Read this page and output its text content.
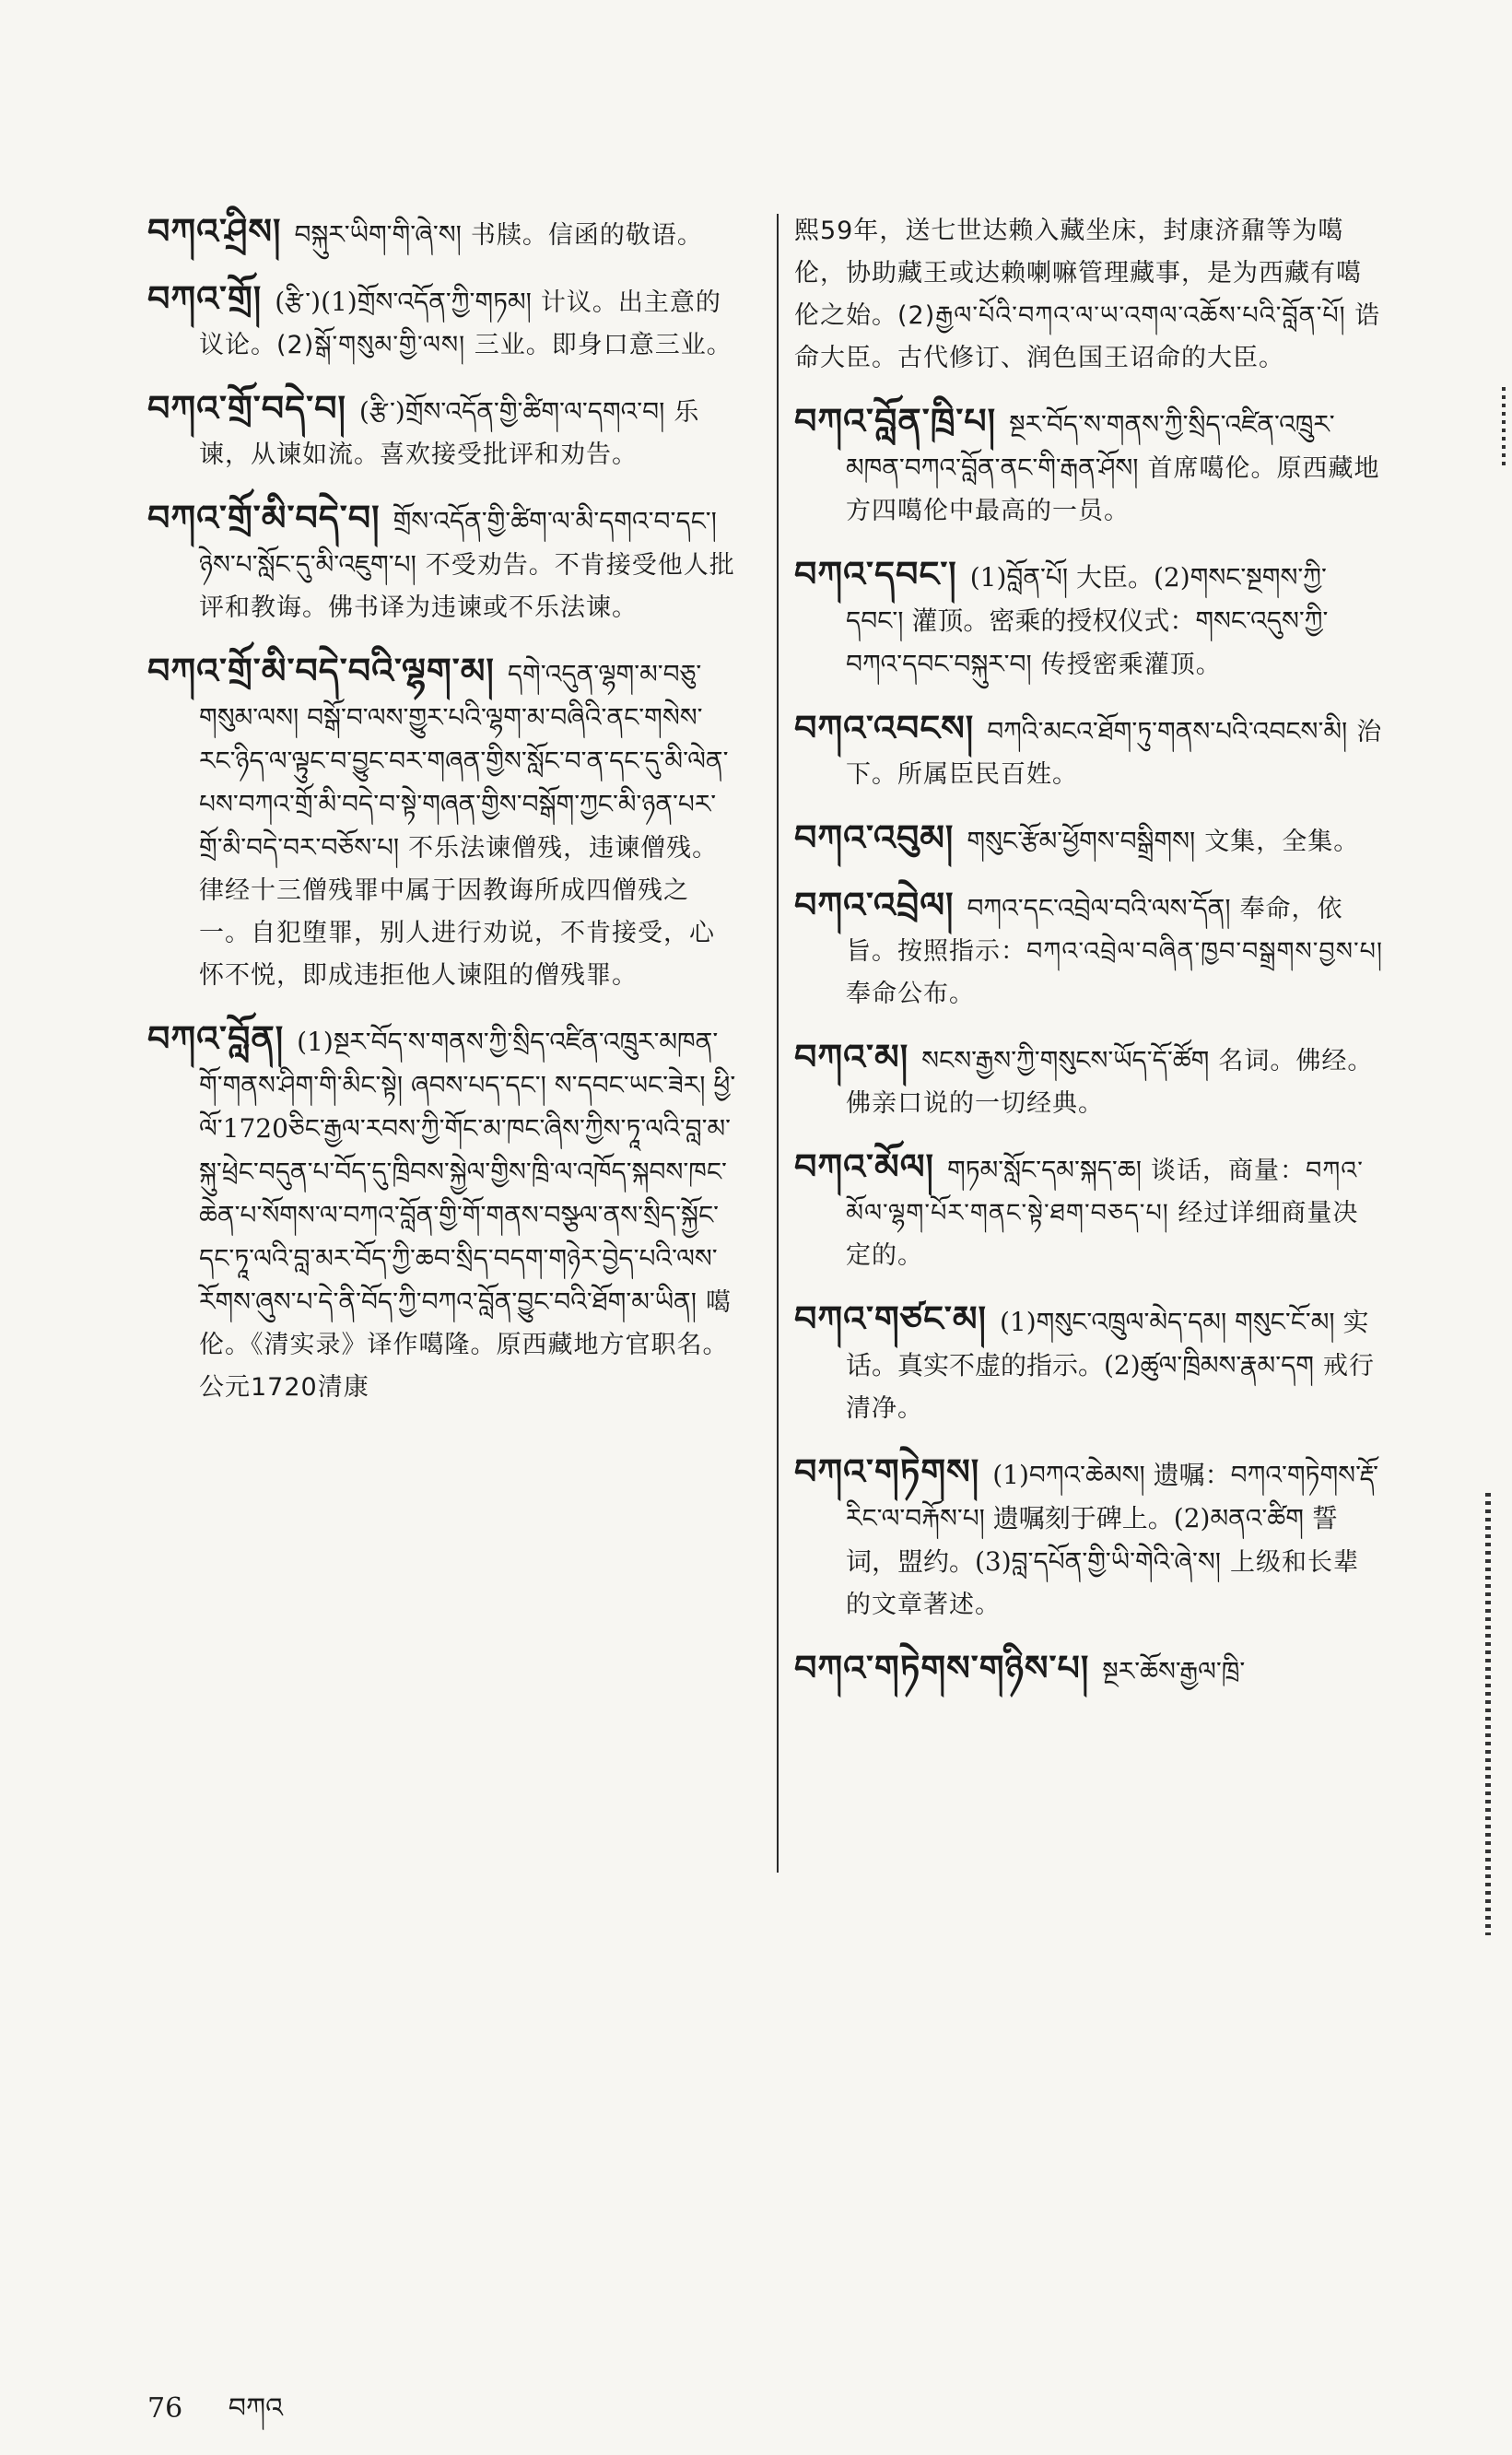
བཀའ་ཤྲིས། བསྐུར་ཡིག་གི་ཞེ་ས། 书牍。信函的敬语。
བཀའ་གྲོ། (རྩི་)(1)གྲོས་འདོན་ཀྱི་གཏམ། 计议。出主意的议论。(2)སྒོ་གསུམ་གྱི་ལས། 三业。即身口意三业。
བཀའ་གྲོ་བདེ་བ། (རྩི་)གྲོས་འདོན་གྱི་ཚིག་ལ་དགའ་བ། 乐谏，从谏如流。喜欢接受批评和劝告。
བཀའ་གྲོ་མི་བདེ་བ། གྲོས་འདོན་གྱི་ཚིག་ལ་མི་དགའ་བ་དང་། ཉེས་པ་སློང་དུ་མི་འཇུག་པ། 不受劝告。不肯接受他人批评和教诲。佛书译为违谏或不乐法谏。
བཀའ་གྲོ་མི་བདེ་བའི་ལྷག་མ། དགེ་འདུན་ལྷག་མ་བཅུ་གསུམ་ལས། བསྒོ་བ་ལས་གྱུར་པའི་ལྷག་མ་བཞིའི་ནང་གསེས་རང་ཉིད་ལ་ལྟུང་བ་བྱུང་བར་གཞན་གྱིས་སློང་བ་ན་དང་དུ་མི་ལེན་པས་བཀའ་གྲོ་མི་བདེ་བ་སྟེ་གཞན་གྱིས་བསྒོག་ཀྱང་མི་ཉན་པར་གྲོ་མི་བདེ་བར་བཅོས་པ། 不乐法谏僧残，违谏僧残。律经十三僧残罪中属于因教诲所成四僧残之一。自犯堕罪，别人进行劝说，不肯接受，心怀不悦，即成违拒他人谏阻的僧残罪。
བཀའ་བློན། (1)སྔར་བོད་ས་གནས་ཀྱི་སྲིད་འཛིན་འཁྲུར་མཁན་གོ་གནས་ཤིག་གི་མིང་སྟེ། ཞབས་པད་དང་། ས་དབང་ཡང་ཟེར། ཕྱི་ལོ་1720ཅིང་རྒྱལ་རབས་ཀྱི་གོང་མ་ཁང་ཞིས་ཀྱིས་ཏཱ་ལའི་བླ་མ་སྐུ་ཕྲེང་བདུན་པ་བོད་དུ་ཁྲིབས་སྐྱེལ་གྱིས་ཁྲི་ལ་འཁོད་སྐབས་ཁང་ཆེན་པ་སོགས་ལ་བཀའ་བློན་གྱི་གོ་གནས་བསྩལ་ནས་སྲིད་སྐྱོང་དང་ཏཱ་ལའི་བླ་མར་བོད་ཀྱི་ཆབ་སྲིད་བདག་གཉེར་བྱེད་པའི་ལས་རོགས་ཞུས་པ་དེ་ནི་བོད་ཀྱི་བཀའ་བློན་བྱུང་བའི་ཐོག་མ་ཡིན། 噶伦。《清实录》译作噶隆。原西藏地方官职名。公元1720清康
熙59年，送七世达赖入藏坐床，封康济鼐等为噶伦，协助藏王或达赖喇嘛管理藏事，是为西藏有噶伦之始。(2)རྒྱལ་པོའི་བཀའ་ལ་ཡ་འགལ་འཆོས་པའི་བློན་པོ། 诰命大臣。古代修订、润色国王诏命的大臣。
བཀའ་བློན་ཁྲི་པ། སྔར་བོད་ས་གནས་ཀྱི་སྲིད་འཛིན་འཁྲུར་མཁན་བཀའ་བློན་ནང་གི་རྒན་ཤོས། 首席噶伦。原西藏地方四噶伦中最高的一员。
བཀའ་དབང་། (1)བློན་པོ། 大臣。(2)གསང་སྔགས་ཀྱི་དབང་། 灌顶。密乘的授权仪式：གསང་འདུས་ཀྱི་བཀའ་དབང་བསྐུར་བ། 传授密乘灌顶。
བཀའ་འབངས། བཀའི་མངའ་ཐོག་ཏུ་གནས་པའི་འབངས་མི། 治下。所属臣民百姓。
བཀའ་འབུམ། གསུང་རྩོམ་ཕྱོགས་བསྒྲིགས། 文集，全集。
བཀའ་འབྲེལ། བཀའ་དང་འབྲེལ་བའི་ལས་དོན། 奉命，依旨。按照指示：བཀའ་འབྲེལ་བཞིན་ཁྱབ་བསྒྲགས་བྱས་པ། 奉命公布。
བཀའ་མ། སངས་རྒྱས་ཀྱི་གསུངས་ཡོད་དོ་ཚོག 名词。佛经。佛亲口说的一切经典。
བཀའ་མོལ། གཏམ་སློང་དམ་སྐད་ཆ། 谈话，商量：བཀའ་མོལ་ལྷག་པོར་གནང་སྟེ་ཐག་བཅད་པ། 经过详细商量决定的。
བཀའ་གཙང་མ། (1)གསུང་འཁྲུལ་མེད་དམ། གསུང་ངོ་མ། 实话。真实不虚的指示。(2)ཚུལ་ཁྲིམས་རྣམ་དག 戒行清净。
བཀའ་གཏེགས། (1)བཀའ་ཆེམས། 遗嘱：བཀའ་གཏེགས་རྡོ་རིང་ལ་བརྐོས་པ། 遗嘱刻于碑上。(2)མནའ་ཚིག 誓词，盟约。(3)བླ་དཔོན་གྱི་ཡི་གེའི་ཞེ་ས། 上级和长辈的文章著述。
བཀའ་གཏེགས་གཉིས་པ། སྔར་ཆོས་རྒྱལ་ཁྲི་
76 བཀའ
